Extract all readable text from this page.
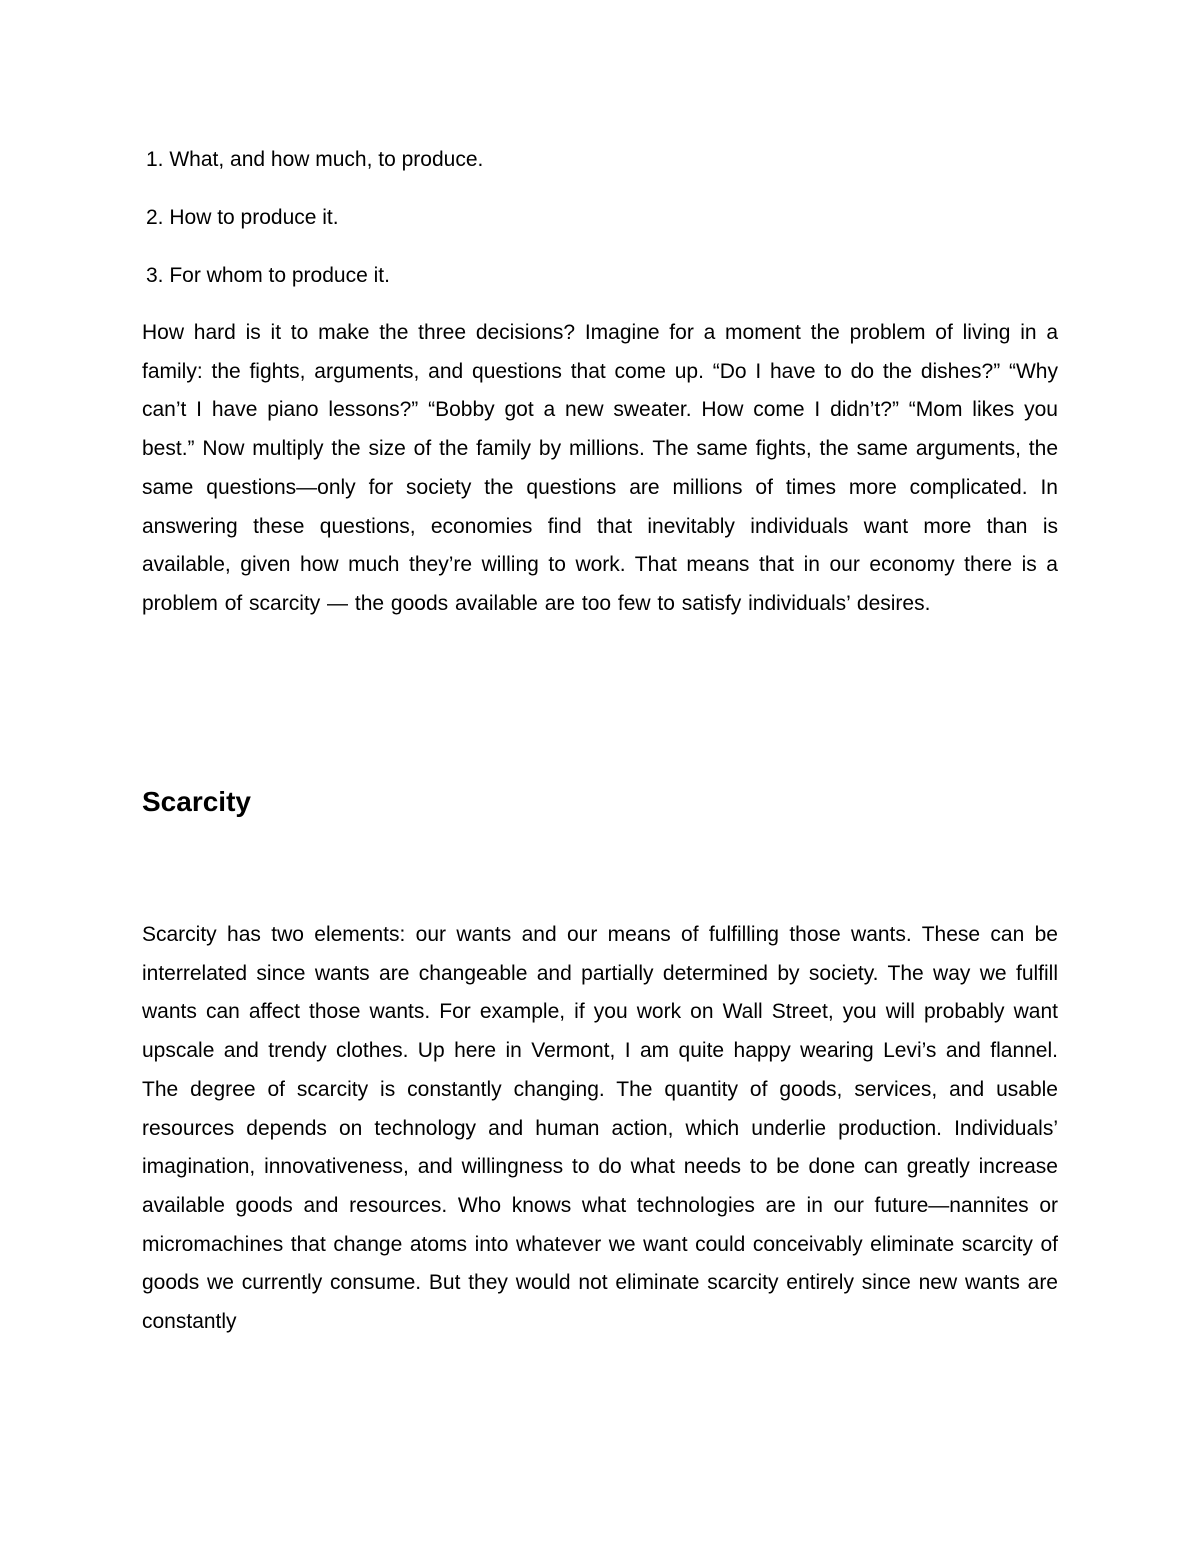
1. What, and how much, to produce.
2. How to produce it.
3. For whom to produce it.

How hard is it to make the three decisions? Imagine for a moment the problem of living in a family: the fights, arguments, and questions that come up. “Do I have to do the dishes?” “Why can’t I have piano lessons?” “Bobby got a new sweater. How come I didn’t?” “Mom likes you best.” Now multiply the size of the family by millions. The same fights, the same arguments, the same questions—only for society the questions are millions of times more complicated. In answering these questions, economies find that inevitably individuals want more than is available, given how much they’re willing to work. That means that in our economy there is a problem of scarcity — the goods available are too few to satisfy individuals’ desires.

Scarcity

Scarcity has two elements: our wants and our means of fulfilling those wants. These can be interrelated since wants are changeable and partially determined by society. The way we fulfill wants can affect those wants. For example, if you work on Wall Street, you will probably want upscale and trendy clothes. Up here in Vermont, I am quite happy wearing Levi’s and flannel. The degree of scarcity is constantly changing. The quantity of goods, services, and usable resources depends on technology and human action, which underlie production. Individuals’ imagination, innovativeness, and willingness to do what needs to be done can greatly increase available goods and resources. Who knows what technologies are in our future—nannites or micromachines that change atoms into whatever we want could conceivably eliminate scarcity of goods we currently consume. But they would not eliminate scarcity entirely since new wants are constantly
